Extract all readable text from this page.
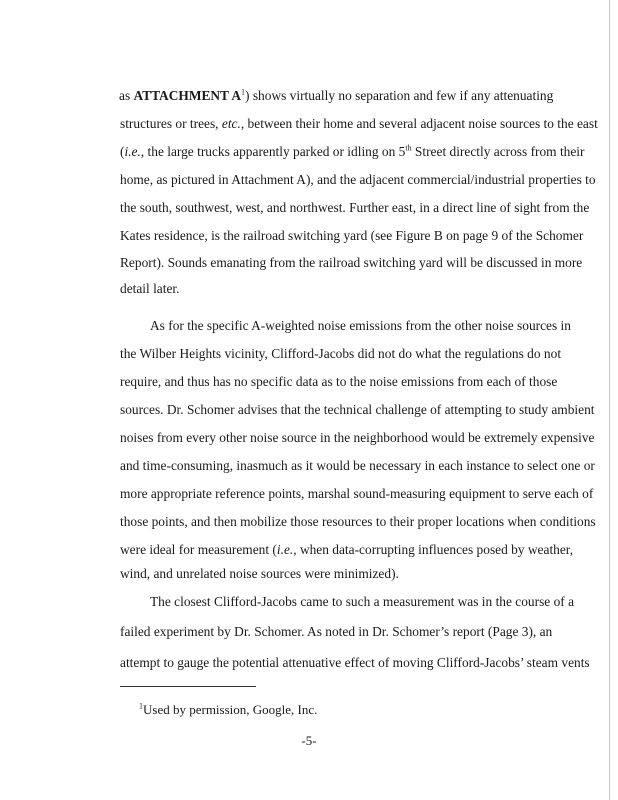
as ATTACHMENT $A^1$) shows virtually no separation and few if any attenuating
structures or trees, etc., between their home and several adjacent noise sources to the east
(i.e., the large trucks apparently parked or idling on 5th Street directly across from their
home, as pictured in Attachment A), and the adjacent commercial/industrial properties to
the south, southwest, west, and northwest. Further east, in a direct line of sight from the
Kates residence, is the railroad switching yard (see Figure B on page 9 of the Schomer
Report). Sounds emanating from the railroad switching yard will be discussed in more
detail later.
As for the specific A-weighted noise emissions from the other noise sources in
the Wilber Heights vicinity, Clifford-Jacobs did not do what the regulations do not
require, and thus has no specific data as to the noise emissions from each of those
sources. Dr. Schomer advises that the technical challenge of attempting to study ambient
noises from every other noise source in the neighborhood would be extremely expensive
and time-consuming, inasmuch as it would be necessary in each instance to select one or
more appropriate reference points, marshal sound-measuring equipment to serve each of
those points, and then mobilize those resources to their proper locations when conditions
were ideal for measurement (i.e., when data-corrupting influences posed by weather,
wind, and unrelated noise sources were minimized).
The closest Clifford-Jacobs came to such a measurement was in the course of a
failed experiment by Dr. Schomer. As noted in Dr. Schomer’s report (Page 3), an
attempt to gauge the potential attenuative effect of moving Clifford-Jacobs’ steam vents
$^1$Used by permission, Google, Inc.
-5-
